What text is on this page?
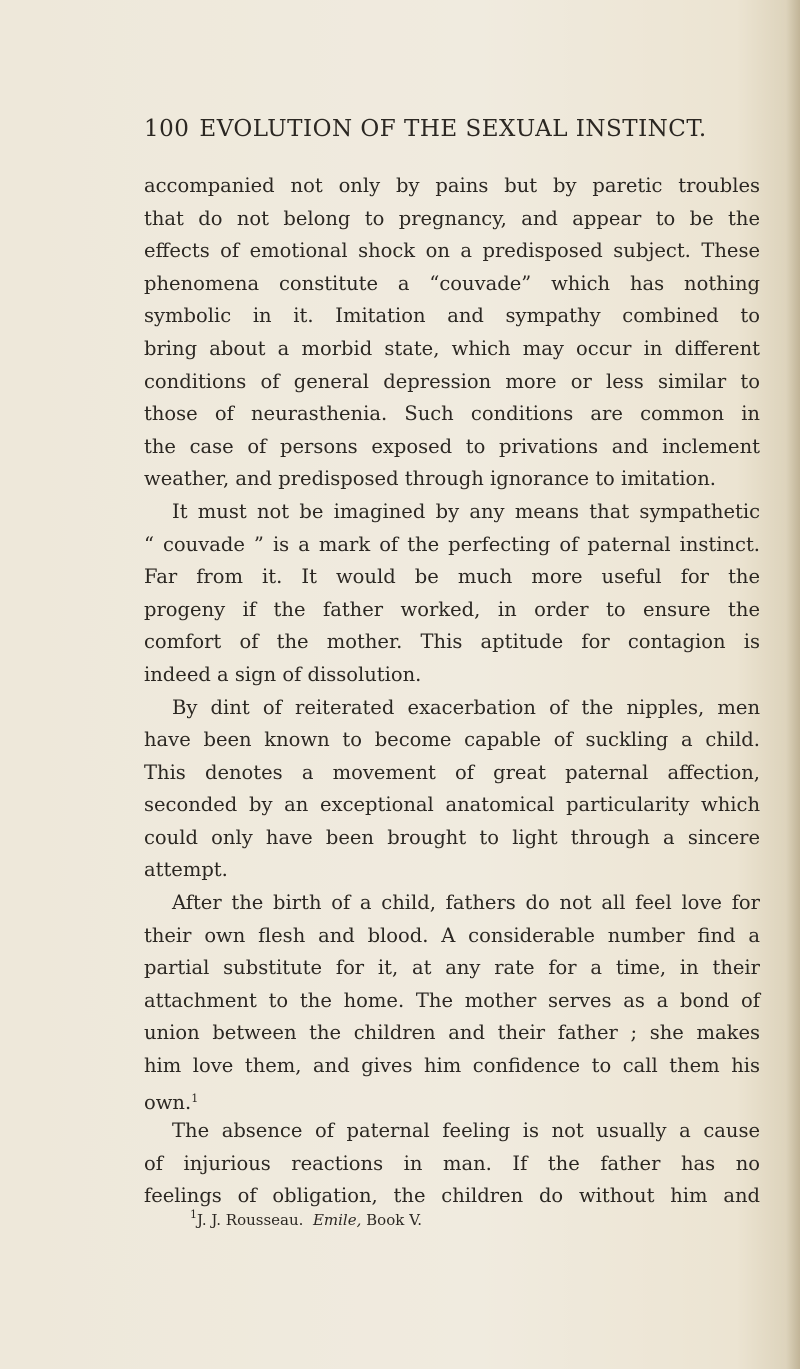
100 EVOLUTION OF THE SEXUAL INSTINCT.
accompanied not only by pains but by paretic troubles
that do not belong to pregnancy, and appear to be the
effects of emotional shock on a predisposed subject. These
phenomena constitute a “couvade” which has nothing
symbolic in it. Imitation and sympathy combined to
bring about a morbid state, which may occur in different
conditions of general depression more or less similar to
those of neurasthenia. Such conditions are common in
the case of persons exposed to privations and inclement
weather, and predisposed through ignorance to imitation.
It must not be imagined by any means that sympathetic
“ couvade ” is a mark of the perfecting of paternal instinct.
Far from it. It would be much more useful for the
progeny if the father worked, in order to ensure the
comfort of the mother. This aptitude for contagion is
indeed a sign of dissolution.
By dint of reiterated exacerbation of the nipples, men
have been known to become capable of suckling a child.
This denotes a movement of great paternal affection,
seconded by an exceptional anatomical particularity which
could only have been brought to light through a sincere
attempt.
After the birth of a child, fathers do not all feel love for
their own flesh and blood. A considerable number find a
partial substitute for it, at any rate for a time, in their
attachment to the home. The mother serves as a bond of
union between the children and their father ; she makes
him love them, and gives him confidence to call them his
own.$^1$
The absence of paternal feeling is not usually a cause
of injurious reactions in man. If the father has no
feelings of obligation, the children do without him and
$^1$J. J. Rousseau. Emile, Book V.
